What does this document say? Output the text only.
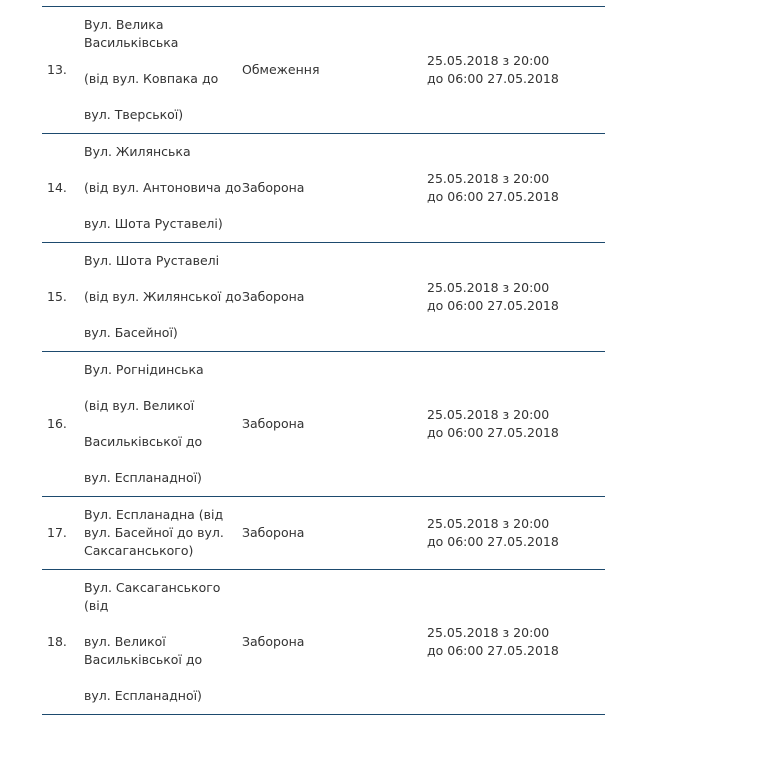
13.	Вул. Велика Васильківська

(від вул. Ковпака до

вул. Тверської)	Обмеження	25.05.2018 з 20:00 до 06:00 27.05.2018

14.	Вул. Жилянська

(від вул. Антоновича до

вул. Шота Руставелі)	Заборона	25.05.2018 з 20:00 до 06:00 27.05.2018

15.	Вул. Шота Руставелі

(від вул. Жилянської до

вул. Басейної)	Заборона	25.05.2018 з 20:00 до 06:00 27.05.2018

16.	Вул. Рогнідинська

(від вул. Великої

Васильківської до

вул. Еспланадної)	Заборона	25.05.2018 з 20:00 до 06:00 27.05.2018

17.	Вул. Еспланадна (від вул. Басейної до вул. Саксаганського)	Заборона	25.05.2018 з 20:00 до 06:00 27.05.2018

18.	Вул. Саксаганського (від

вул. Великої Васильківської до

вул. Еспланадної)	Заборона	25.05.2018 з 20:00 до 06:00 27.05.2018
